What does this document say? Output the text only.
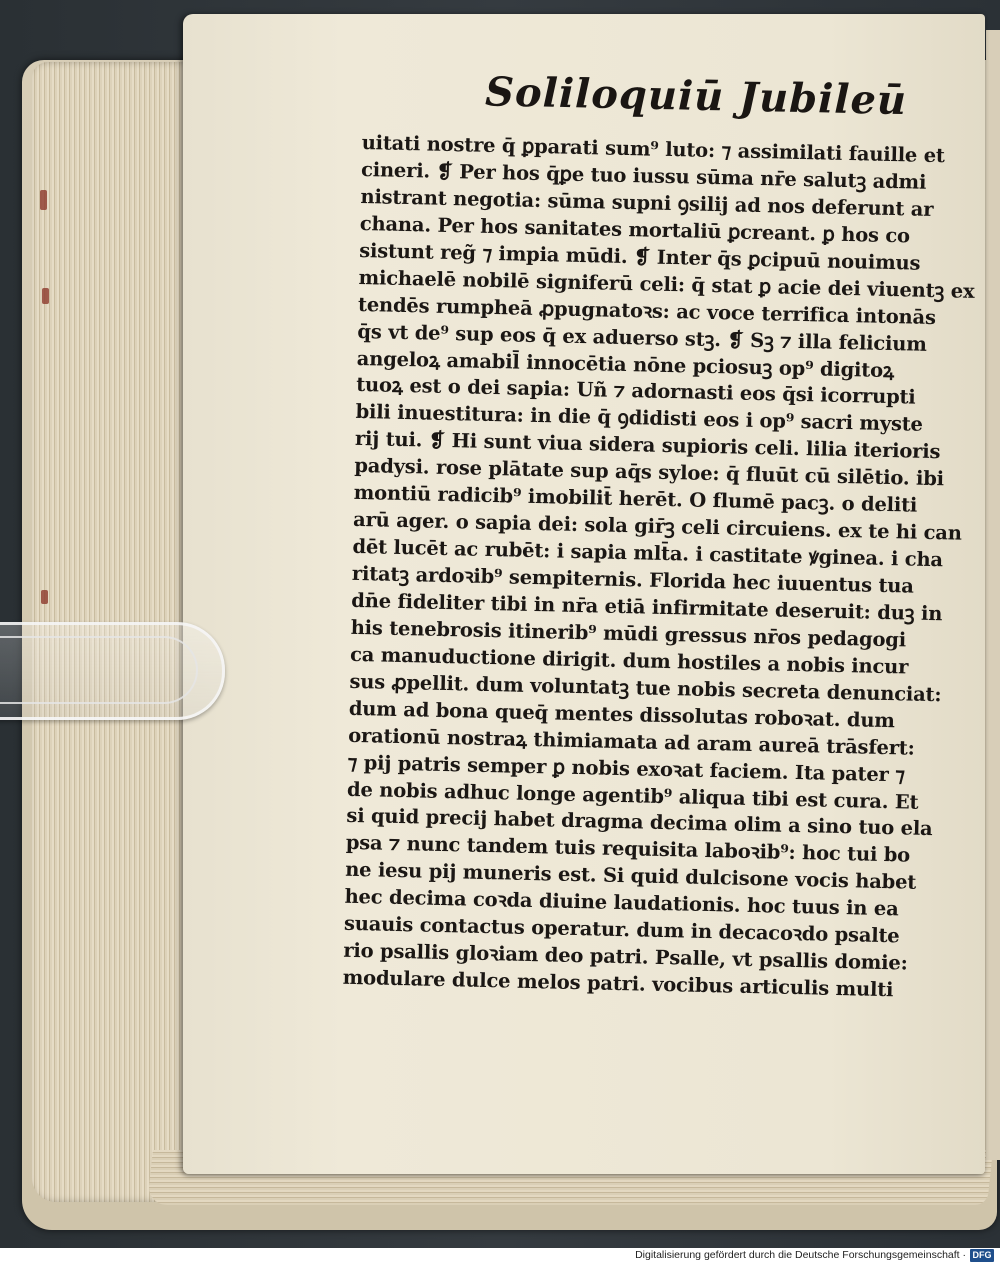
Soliloquiū Jubileū
uitati nostre q̄ ꝑparati sum⁹ luto: ⁊ assimilati fauille et
cineri. ❡ Per hos q̄ꝑe tuo iussu sūma nr̄e salutꝫ admi
nistrant negotia: sūma supni ꝯsilij ad nos deferunt ar
chana. Per hos sanitates mortaliū ꝑcreant. ꝑ hos co
sistunt reg̃ ⁊ impia mūdi. ❡ Inter q̄s ꝑcipuū nouimus
michaelē nobilē signiferū celi: q̄ stat ꝑ acie dei viuentꝫ ex
tendēs rumpheā ꝓpugnatoꝛs: ac voce terrifica intonās
q̄s vt de⁹ sup eos q̄ ex aduerso stꝫ. ❡ Sꝫ ⁊ illa felicium
angeloꝝ amabil̄ innocētia nōne pciosuꝫ op⁹ digitoꝝ
tuoꝝ est o dei sapia: Uñ ⁊ adornasti eos q̄si icorrupti
bili inuestitura: in die q̄ ꝯdidisti eos i op⁹ sacri myste
rij tui. ❡ Hi sunt viua sidera supioris celi. lilia iterioris
padysi. rose plātate sup aq̄s syloe: q̄ fluūt cū silētio. ibi
montiū radicib⁹ imobilit̄ herēt. O flumē pacꝫ. o deliti
arū ager. o sapia dei: sola gir̄ꝫ celi circuiens. ex te hi can
dēt lucēt ac rubēt: i sapia mlt̄a. i castitate ꝟginea. i cha
ritatꝫ ardoꝛib⁹ sempiternis. Florida hec iuuentus tua
dn̄e fideliter tibi in nr̄a etiā infirmitate deseruit: duꝫ in
his tenebrosis itinerib⁹ mūdi gressus nr̄os pedagogi
ca manuductione dirigit. dum hostiles a nobis incur
sus ꝓpellit. dum voluntatꝫ tue nobis secreta denunciat:
dum ad bona queq̄ mentes dissolutas roboꝛat. dum
orationū nostraꝝ thimiamata ad aram aureā trāsfert:
⁊ pij patris semper ꝑ nobis exoꝛat faciem. Ita pater ⁊
de nobis adhuc longe agentib⁹ aliqua tibi est cura. Et
si quid precij habet dragma decima olim a sino tuo ela
psa ⁊ nunc tandem tuis requisita laboꝛib⁹: hoc tui bo
ne iesu pij muneris est. Si quid dulcisone vocis habet
hec decima coꝛda diuine laudationis. hoc tuus in ea
suauis contactus operatur. dum in decacoꝛdo psalte
rio psallis gloꝛiam deo patri. Psalle, vt psallis domie:
modulare dulce melos patri. vocibus articulis multi
Digitalisierung gefördert durch die Deutsche Forschungsgemeinschaft · DFG
